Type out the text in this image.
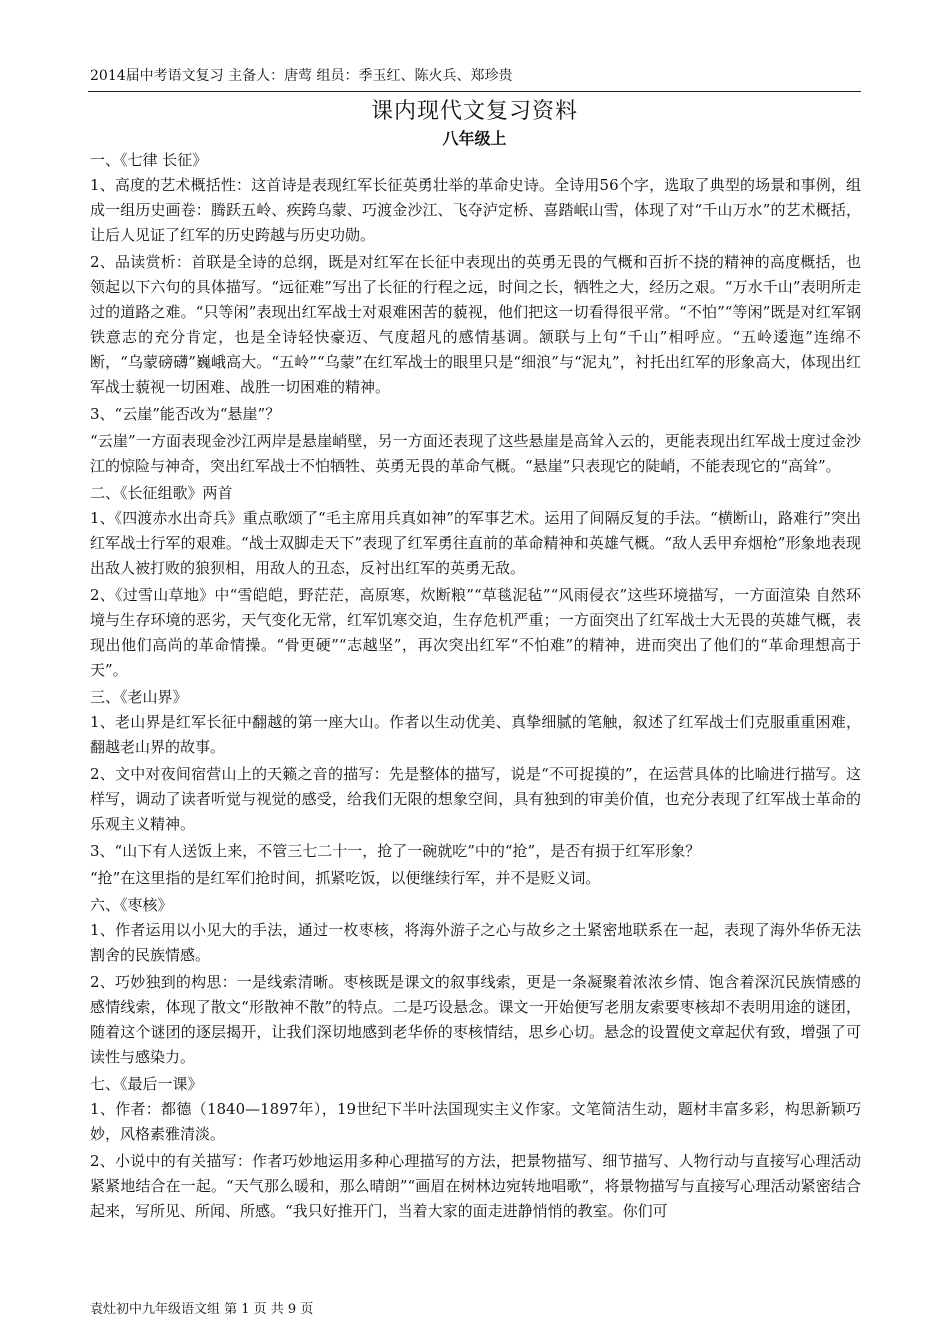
2014届中考语文复习 主备人：唐莺 组员：季玉红、陈火兵、郑珍贵
课内现代文复习资料
八年级上

一、《七律 长征》

1、高度的艺术概括性：这首诗是表现红军长征英勇壮举的革命史诗。全诗用56个字，选取了典型的场景和事例，组成一组历史画卷：腾跃五岭、疾跨乌蒙、巧渡金沙江、飞夺泸定桥、喜踏岷山雪，体现了对“千山万水”的艺术概括，让后人见证了红军的历史跨越与历史功勋。

2、品读赏析：首联是全诗的总纲，既是对红军在长征中表现出的英勇无畏的气概和百折不挠的精神的高度概括，也领起以下六句的具体描写。“远征难”写出了长征的行程之远，时间之长，牺牲之大，经历之艰。“万水千山”表明所走过的道路之难。“只等闲”表现出红军战士对艰难困苦的藐视，他们把这一切看得很平常。“不怕”“等闲”既是对红军钢铁意志的充分肯定，也是全诗轻快豪迈、气度超凡的感情基调。颔联与上句“千山”相呼应。“五岭逶迤”连绵不断，“乌蒙磅礴”巍峨高大。“五岭”“乌蒙”在红军战士的眼里只是“细浪”与“泥丸”，衬托出红军的形象高大，体现出红军战士藐视一切困难、战胜一切困难的精神。

3、“云崖”能否改为“悬崖”？

“云崖”一方面表现金沙江两岸是悬崖峭壁，另一方面还表现了这些悬崖是高耸入云的，更能表现出红军战士度过金沙江的惊险与神奇，突出红军战士不怕牺牲、英勇无畏的革命气概。“悬崖”只表现它的陡峭，不能表现它的“高耸”。

二、《长征组歌》两首

1、《四渡赤水出奇兵》重点歌颂了“毛主席用兵真如神”的军事艺术。运用了间隔反复的手法。“横断山，路难行”突出红军战士行军的艰难。“战士双脚走天下”表现了红军勇往直前的革命精神和英雄气概。“敌人丢甲弃烟枪”形象地表现出敌人被打败的狼狈相，用敌人的丑态，反衬出红军的英勇无敌。

2、《过雪山草地》中“雪皑皑，野茫茫，高原寒，炊断粮”“草毯泥毡”“风雨侵衣”这些环境描写，一方面渲染 自然环境与生存环境的恶劣，天气变化无常，红军饥寒交迫，生存危机严重；一方面突出了红军战士大无畏的英雄气概，表现出他们高尚的革命情操。“骨更硬”“志越坚”，再次突出红军“不怕难”的精神，进而突出了他们的“革命理想高于天”。

三、《老山界》

1、老山界是红军长征中翻越的第一座大山。作者以生动优美、真挚细腻的笔触，叙述了红军战士们克服重重困难，翻越老山界的故事。

2、文中对夜间宿营山上的天籁之音的描写：先是整体的描写，说是“不可捉摸的”，在运营具体的比喻进行描写。这样写，调动了读者听觉与视觉的感受，给我们无限的想象空间，具有独到的审美价值，也充分表现了红军战士革命的乐观主义精神。

3、“山下有人送饭上来，不管三七二十一，抢了一碗就吃”中的“抢”，是否有损于红军形象？

“抢”在这里指的是红军们抢时间，抓紧吃饭，以便继续行军，并不是贬义词。

六、《枣核》

1、作者运用以小见大的手法，通过一枚枣核，将海外游子之心与故乡之土紧密地联系在一起，表现了海外华侨无法割舍的民族情感。

2、巧妙独到的构思：一是线索清晰。枣核既是课文的叙事线索，更是一条凝聚着浓浓乡情、饱含着深沉民族情感的感情线索，体现了散文“形散神不散”的特点。二是巧设悬念。课文一开始便写老朋友索要枣核却不表明用途的谜团，随着这个谜团的逐层揭开，让我们深切地感到老华侨的枣核情结，思乡心切。悬念的设置使文章起伏有致，增强了可读性与感染力。

七、《最后一课》

1、作者：都德（1840—1897年），19世纪下半叶法国现实主义作家。文笔简洁生动，题材丰富多彩，构思新颖巧妙，风格素雅清淡。

2、小说中的有关描写：作者巧妙地运用多种心理描写的方法，把景物描写、细节描写、人物行动与直接写心理活动紧紧地结合在一起。“天气那么暖和，那么晴朗”“画眉在树林边宛转地唱歌”，将景物描写与直接写心理活动紧密结合起来，写所见、所闻、所感。“我只好推开门，当着大家的面走进静悄悄的教室。你们可

袁灶初中九年级语文组 第 1 页 共 9 页
